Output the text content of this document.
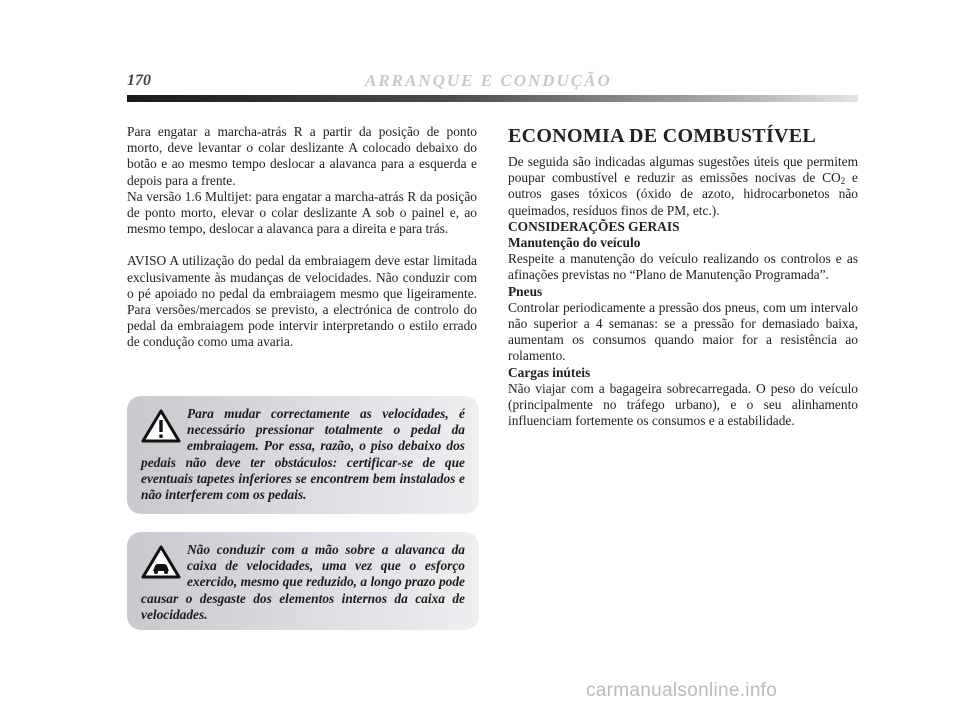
170	ARRANQUE E CONDUÇÃO

Para engatar a marcha-atrás R a partir da posição de ponto morto, deve levantar o colar deslizante A colocado debaixo do botão e ao mesmo tempo deslocar a alavanca para a esquerda e depois para a frente.

Na versão 1.6 Multijet: para engatar a marcha-atrás R da posição de ponto morto, elevar o colar deslizante A sob o painel e, ao mesmo tempo, deslocar a alavanca para a direita e para trás.

AVISO A utilização do pedal da embraiagem deve estar limitada exclusivamente às mudanças de velocidades. Não conduzir com o pé apoiado no pedal da embraiagem mesmo que ligeiramente. Para versões/mercados se previsto, a electrónica de controlo do pedal da embraiagem pode intervir interpretando o estilo errado de condução como uma avaria.

Para mudar correctamente as velocidades, é necessário pressionar totalmente o pedal da embraiagem. Por essa, razão, o piso debaixo dos pedais não deve ter obstáculos: certificar-se de que eventuais tapetes inferiores se encontrem bem instalados e não interferem com os pedais.
Não conduzir com a mão sobre a alavanca da caixa de velocidades, uma vez que o esforço exercido, mesmo que reduzido, a longo prazo pode causar o desgaste dos elementos internos da caixa de velocidades.
ECONOMIA DE COMBUSTÍVEL

De seguida são indicadas algumas sugestões úteis que permitem poupar combustível e reduzir as emissões nocivas de $CO_2$ e outros gases tóxicos (óxido de azoto, hidrocarbonetos não queimados, resíduos finos de PM, etc.).

CONSIDERAÇÕES GERAIS

Manutenção do veículo

Respeite a manutenção do veículo realizando os controlos e as afinações previstas no “Plano de Manutenção Programada”.

Pneus

Controlar periodicamente a pressão dos pneus, com um intervalo não superior a 4 semanas: se a pressão for demasiado baixa, aumentam os consumos quando maior for a resistência ao rolamento.

Cargas inúteis

Não viajar com a bagageira sobrecarregada. O peso do veículo (principalmente no tráfego urbano), e o seu alinhamento influenciam fortemente os consumos e a estabilidade.

carmanualsonline.info
